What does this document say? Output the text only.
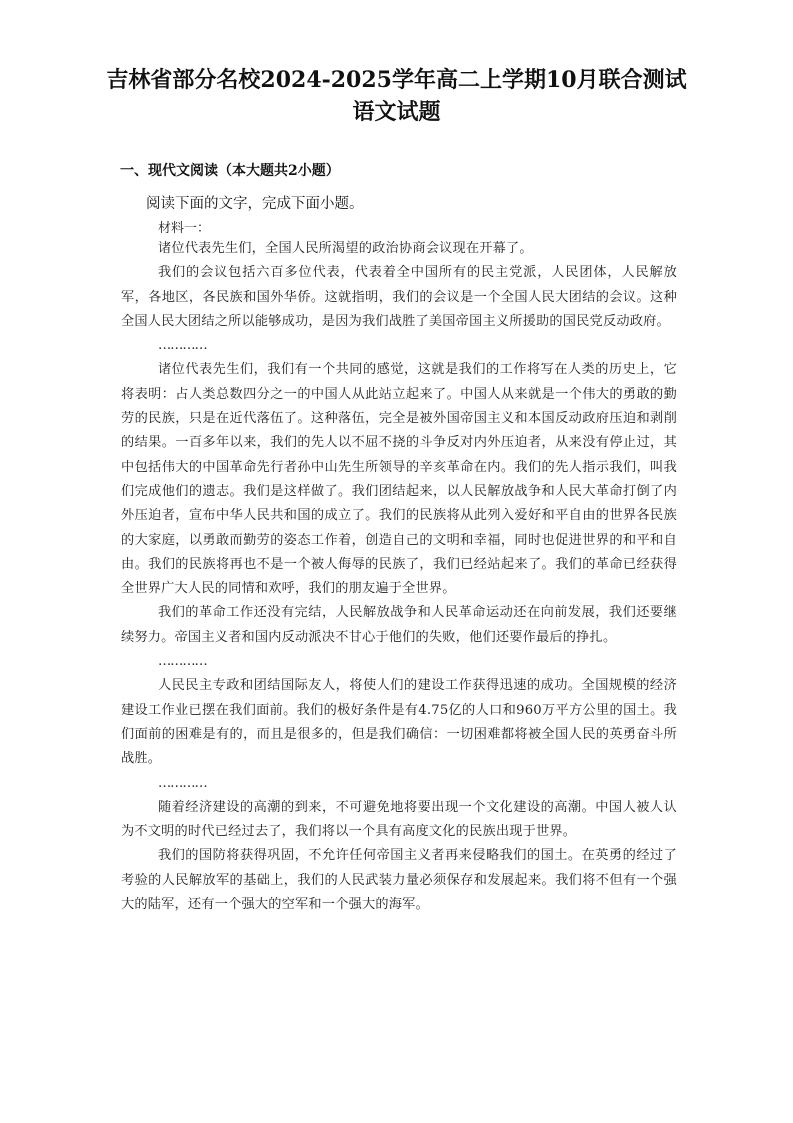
吉林省部分名校2024-2025学年高二上学期10月联合测试
语文试题
一、现代文阅读（本大题共2小题）
阅读下面的文字，完成下面小题。
材料一：

诸位代表先生们，全国人民所渴望的政治协商会议现在开幕了。

我们的会议包括六百多位代表，代表着全中国所有的民主党派，人民团体，人民解放军，各地区，各民族和国外华侨。这就指明，我们的会议是一个全国人民大团结的会议。这种全国人民大团结之所以能够成功，是因为我们战胜了美国帝国主义所援助的国民党反动政府。

…………

诸位代表先生们，我们有一个共同的感觉，这就是我们的工作将写在人类的历史上，它将表明：占人类总数四分之一的中国人从此站立起来了。中国人从来就是一个伟大的勇敢的勤劳的民族，只是在近代落伍了。这种落伍，完全是被外国帝国主义和本国反动政府压迫和剥削的结果。一百多年以来，我们的先人以不屈不挠的斗争反对内外压迫者，从来没有停止过，其中包括伟大的中国革命先行者孙中山先生所领导的辛亥革命在内。我们的先人指示我们，叫我们完成他们的遗志。我们是这样做了。我们团结起来，以人民解放战争和人民大革命打倒了内外压迫者，宣布中华人民共和国的成立了。我们的民族将从此列入爱好和平自由的世界各民族的大家庭，以勇敢而勤劳的姿态工作着，创造自己的文明和幸福，同时也促进世界的和平和自由。我们的民族将再也不是一个被人侮辱的民族了，我们已经站起来了。我们的革命已经获得全世界广大人民的同情和欢呼，我们的朋友遍于全世界。

我们的革命工作还没有完结，人民解放战争和人民革命运动还在向前发展，我们还要继续努力。帝国主义者和国内反动派决不甘心于他们的失败，他们还要作最后的挣扎。

…………

人民民主专政和团结国际友人，将使人们的建设工作获得迅速的成功。全国规模的经济建设工作业已摆在我们面前。我们的极好条件是有4.75亿的人口和960万平方公里的国土。我们面前的困难是有的，而且是很多的，但是我们确信：一切困难都将被全国人民的英勇奋斗所战胜。

…………

随着经济建设的高潮的到来，不可避免地将要出现一个文化建设的高潮。中国人被人认为不文明的时代已经过去了，我们将以一个具有高度文化的民族出现于世界。

我们的国防将获得巩固，不允许任何帝国主义者再来侵略我们的国土。在英勇的经过了考验的人民解放军的基础上，我们的人民武装力量必须保存和发展起来。我们将不但有一个强大的陆军，还有一个强大的空军和一个强大的海军。
